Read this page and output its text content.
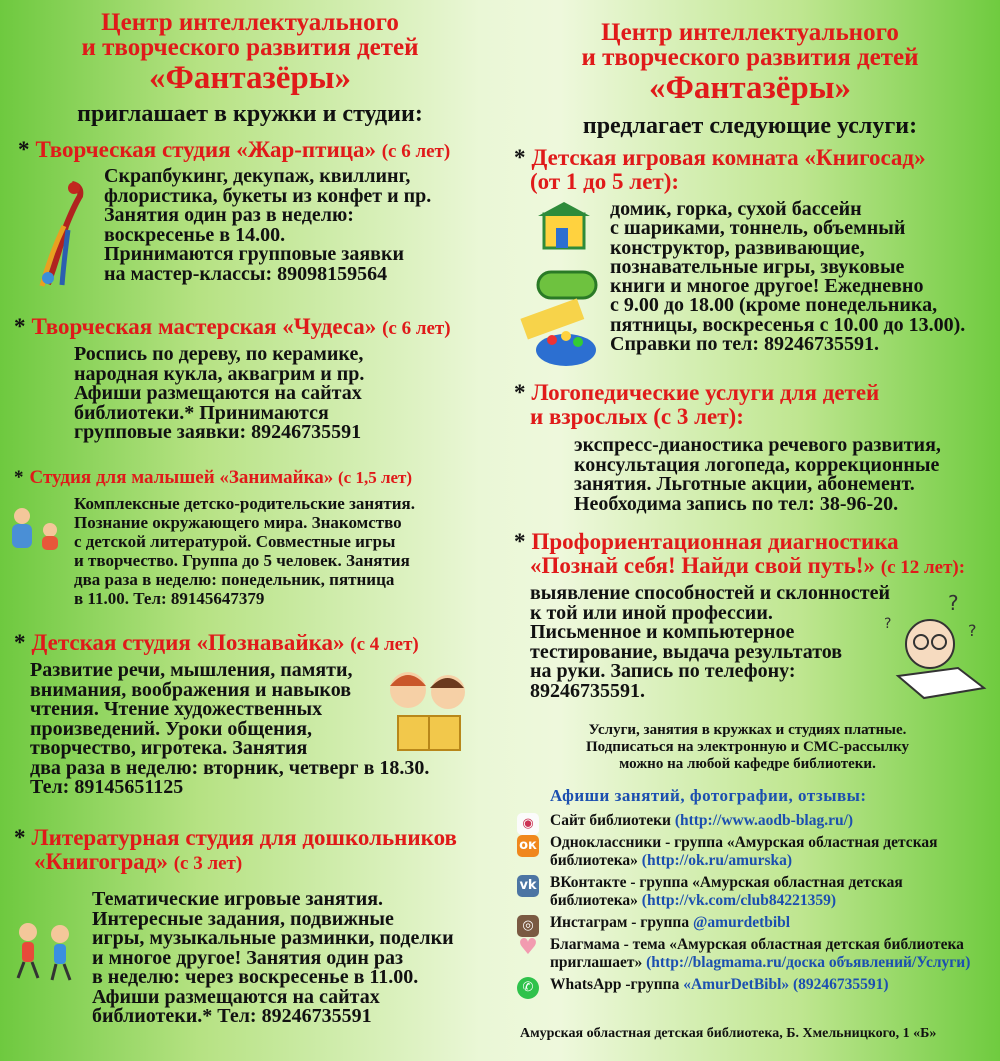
Центр интеллектуального
и творческого развития детей
«Фантазёры»
приглашает в кружки и студии:
* Творческая студия «Жар-птица» (с 6 лет)
Скрапбукинг, декупаж, квиллинг,
флористика, букеты из конфет и пр.
Занятия один раз в неделю:
воскресенье в 14.00.
Принимаются групповые заявки
на мастер-классы: 89098159564
* Творческая мастерская «Чудеса» (с 6 лет)
Роспись по дереву, по керамике,
народная кукла, аквагрим и пр.
Афиши размещаются на сайтах
библиотеки.* Принимаются
групповые заявки: 89246735591
* Студия для малышей «Занимайка» (с 1,5 лет)
Комплексные детско-родительские занятия.
Познание окружающего мира. Знакомство
с детской литературой. Совместные игры
и творчество. Группа до 5 человек. Занятия
два раза в неделю: понедельник, пятница
в 11.00. Тел: 89145647379
* Детская студия «Познавайка» (с 4 лет)
Развитие речи, мышления, памяти,
внимания, воображения и навыков
чтения. Чтение художественных
произведений. Уроки общения,
творчество, игротека. Занятия
два раза в неделю: вторник, четверг в 18.30.
Тел: 89145651125
* Литературная студия для дошкольников
«Книгоград» (с 3 лет)
Тематические игровые занятия.
Интересные задания, подвижные
игры, музыкальные разминки, поделки
и многое другое! Занятия один раз
в неделю: через воскресенье в 11.00.
Афиши размещаются на сайтах
библиотеки.* Тел: 89246735591
Центр интеллектуального
и творческого развития детей
«Фантазёры»
предлагает следующие услуги:
* Детская игровая комната «Книгосад»
(от 1 до 5 лет):
домик, горка, сухой бассейн
с шариками, тоннель, объемный
конструктор, развивающие,
познавательные игры, звуковые
книги и многое другое! Ежедневно
с 9.00 до 18.00 (кроме понедельника,
пятницы, воскресенья с 10.00 до 13.00).
Справки по тел: 89246735591.
* Логопедические услуги для детей
и взрослых (с 3 лет):
экспресс-дианостика речевого развития,
консультация логопеда, коррекционные
занятия. Льготные акции, абонемент.
Необходима запись по тел: 38-96-20.
* Профориентационная диагностика
«Познай себя! Найди свой путь!» (с 12 лет):
выявление способностей и склонностей
к той или иной профессии.
Письменное и компьютерное
тестирование, выдача результатов
на руки. Запись по телефону:
89246735591.
?
?
?
Услуги, занятия в кружках и студиях платные.
Подписаться на электронную и СМС-рассылку
можно на любой кафедре библиотеки.
Афиши занятий, фотографии, отзывы:
◉	Сайт библиотеки (http://www.aodb-blag.ru/)
ок Одноклассники - группа «Амурская областная детская библиотека» (http://ok.ru/amurska)
vk ВКонтакте - группа «Амурская областная детская библиотека» (http://vk.com/club84221359)
◎	Инстаграм - группа @amurdetbibl
♥ Благмама - тема «Амурская областная детская библиотека приглашает» (http://blagmama.ru/доска объявлений/Услуги)
✆	WhatsApp -группа «AmurDetBibl» (89246735591)
Амурская областная детская библиотека, Б. Хмельницкого, 1 «Б»
